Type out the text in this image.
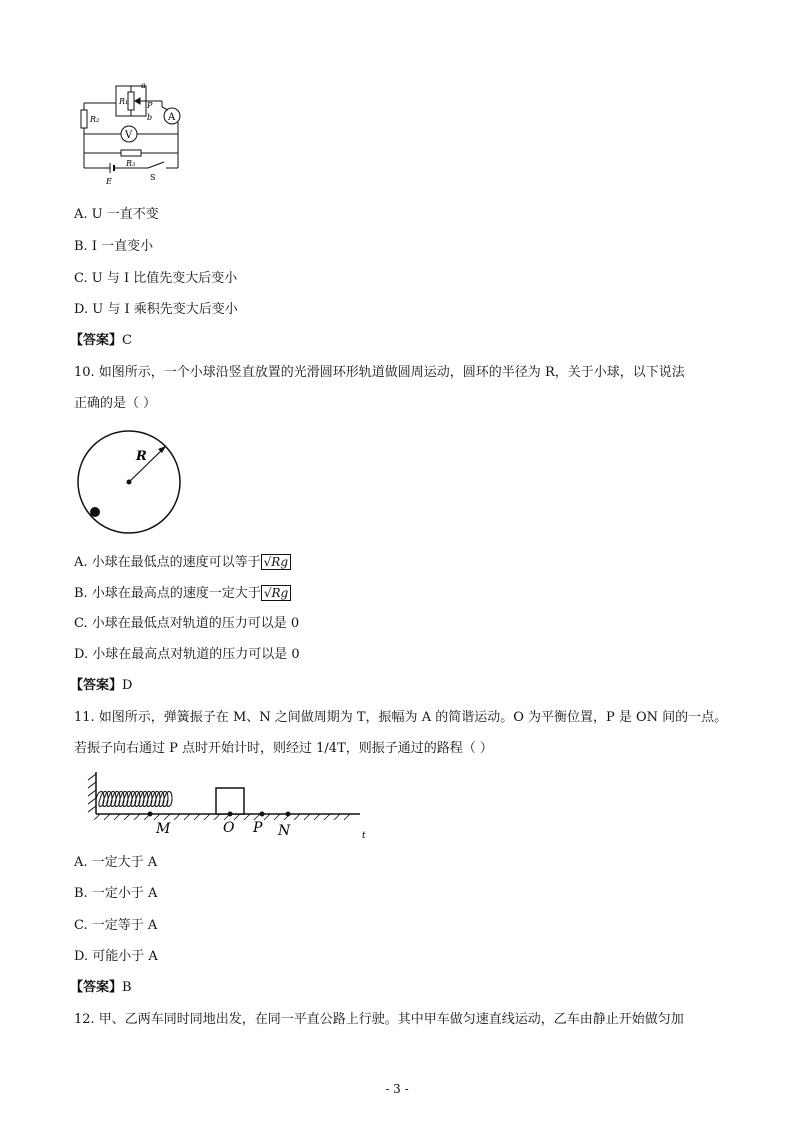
a
R₁ P
b A
R₂
V
R₃
E	S
A. U 一直不变
B. I 一直变小
C. U 与 I 比值先变大后变小
D. U 与 I 乘积先变大后变小
【答案】C
10. 如图所示，一个小球沿竖直放置的光滑圆环形轨道做圆周运动，圆环的半径为 R，关于小球，以下说法
正确的是（ ）
R
A. 小球在最低点的速度可以等于 √Rg
B. 小球在最高点的速度一定大于 √Rg
C. 小球在最低点对轨道的压力可以是 0
D. 小球在最高点对轨道的压力可以是 0
【答案】D
11. 如图所示，弹簧振子在 M、N 之间做周期为 T，振幅为 A 的简谐运动。O 为平衡位置，P 是 ON 间的一点。
若振子向右通过 P 点时开始计时，则经过 1/4T，则振子通过的路程（ ）
M	O P N	t
A. 一定大于 A
B. 一定小于 A
C. 一定等于 A
D. 可能小于 A
【答案】B
12. 甲、乙两车同时同地出发，在同一平直公路上行驶。其中甲车做匀速直线运动，乙车由静止开始做匀加
- 3 -
